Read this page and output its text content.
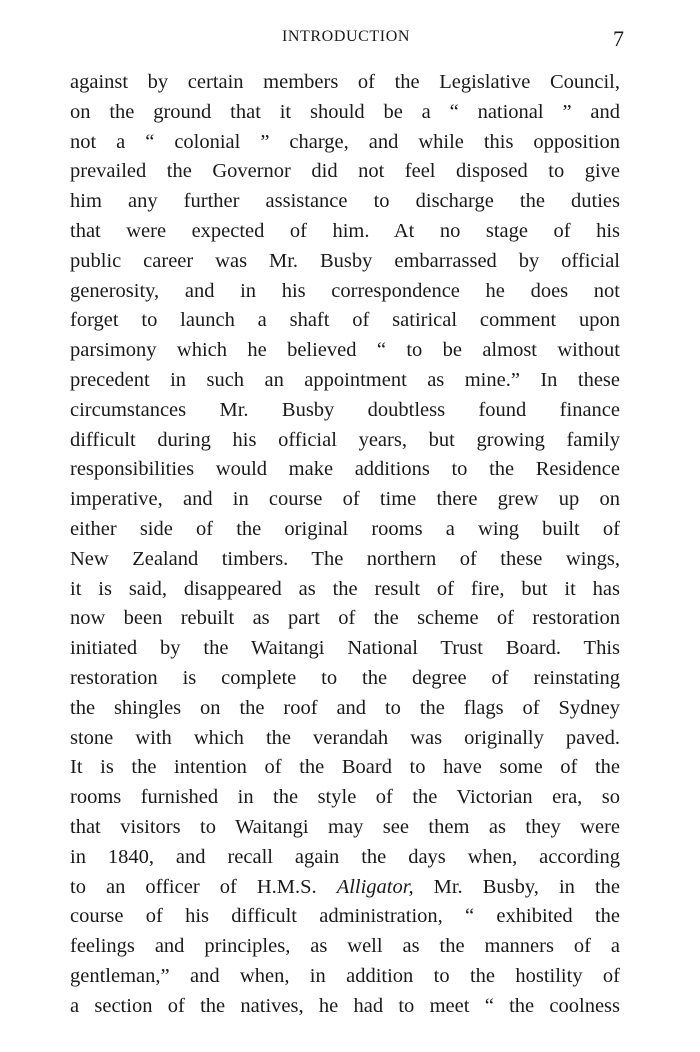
INTRODUCTION	7
against by certain members of the Legislative Council,
on the ground that it should be a “ national ” and
not a “ colonial ” charge, and while this opposition
prevailed the Governor did not feel disposed to give
him any further assistance to discharge the duties
that were expected of him. At no stage of his
public career was Mr. Busby embarrassed by official
generosity, and in his correspondence he does not
forget to launch a shaft of satirical comment upon
parsimony which he believed “ to be almost without
precedent in such an appointment as mine.” In these
circumstances Mr. Busby doubtless found finance
difficult during his official years, but growing family
responsibilities would make additions to the Residence
imperative, and in course of time there grew up on
either side of the original rooms a wing built of
New Zealand timbers. The northern of these wings,
it is said, disappeared as the result of fire, but it has
now been rebuilt as part of the scheme of restoration
initiated by the Waitangi National Trust Board. This
restoration is complete to the degree of reinstating
the shingles on the roof and to the flags of Sydney
stone with which the verandah was originally paved.
It is the intention of the Board to have some of the
rooms furnished in the style of the Victorian era, so
that visitors to Waitangi may see them as they were
in 1840, and recall again the days when, according
to an officer of H.M.S. Alligator, Mr. Busby, in the
course of his difficult administration, “ exhibited the
feelings and principles, as well as the manners of a
gentleman,” and when, in addition to the hostility of
a section of the natives, he had to meet “ the coolness
